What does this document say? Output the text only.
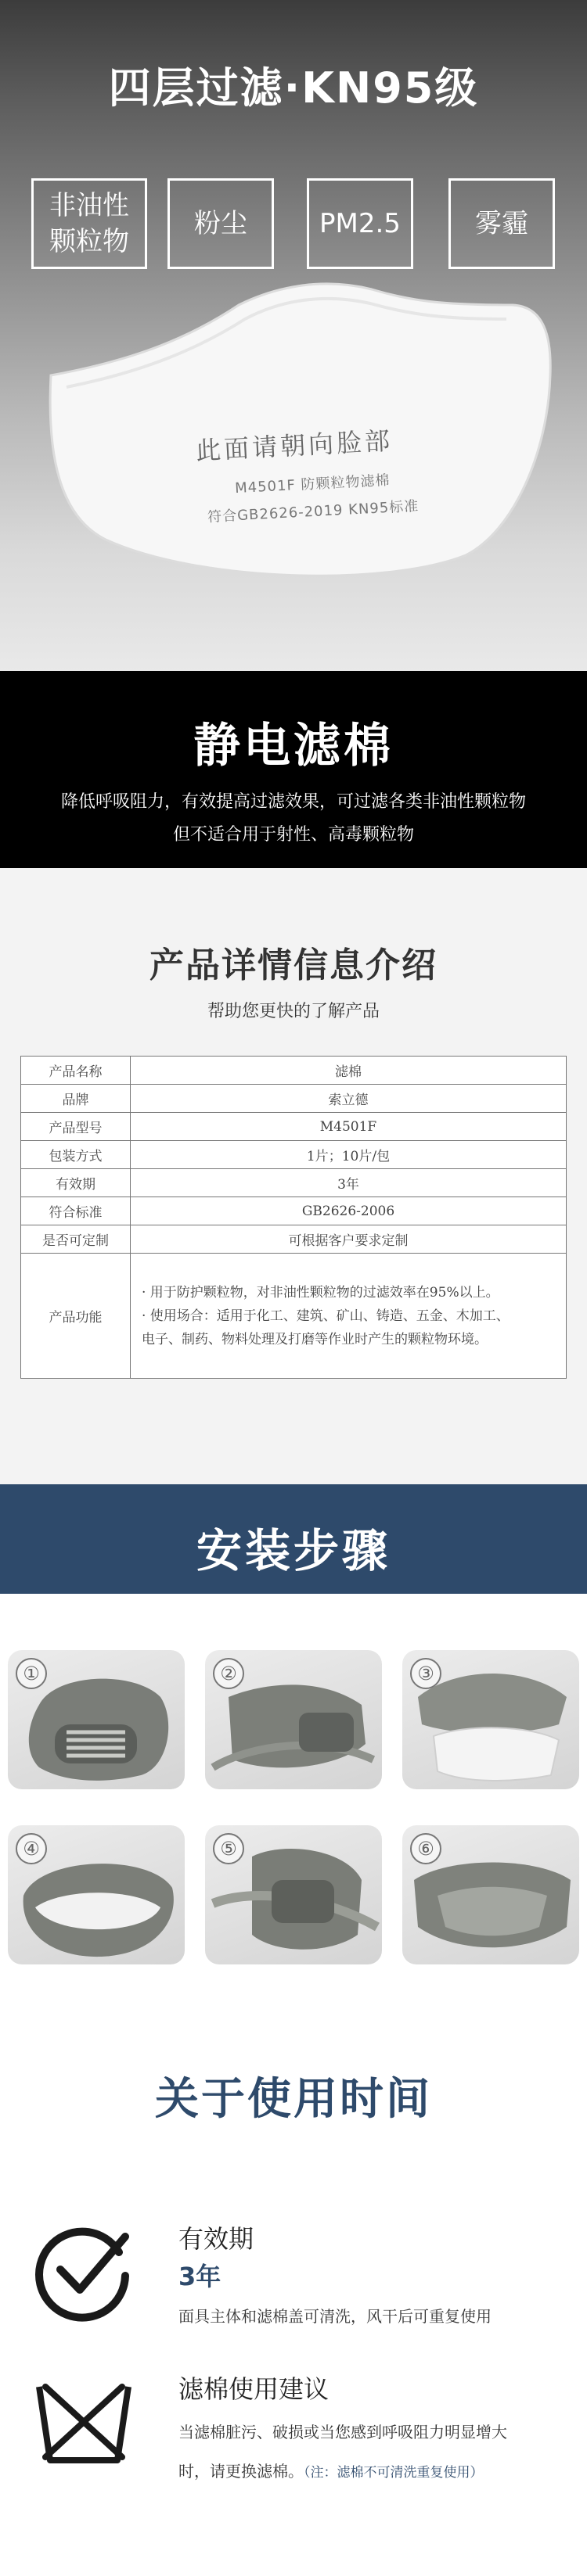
四层过滤·KN95级
非油性
颗粒物
粉尘	PM2.5	雾霾
此面请朝向脸部
M4501F 防颗粒物滤棉
符合GB2626-2019 KN95标准
静电滤棉
降低呼吸阻力，有效提高过滤效果，可过滤各类非油性颗粒物
但不适合用于射性、高毒颗粒物
产品详情信息介绍
帮助您更快的了解产品
产品名称	滤棉
品牌	索立德
产品型号	M4501F
包装方式	1片；10片/包
有效期	3年
符合标准	GB2626-2006
是否可定制	可根据客户要求定制
产品功能	· 用于防护颗粒物，对非油性颗粒物的过滤效率在95%以上。
· 使用场合：适用于化工、建筑、矿山、铸造、五金、木加工、
电子、制药、物料处理及打磨等作业时产生的颗粒物环境。
安装步骤
①	②	③
④	⑤	⑥
关于使用时间
有效期
3年
面具主体和滤棉盖可清洗，风干后可重复使用
滤棉使用建议
当滤棉脏污、破损或当您感到呼吸阻力明显增大
时，请更换滤棉。（注：滤棉不可清洗重复使用）
